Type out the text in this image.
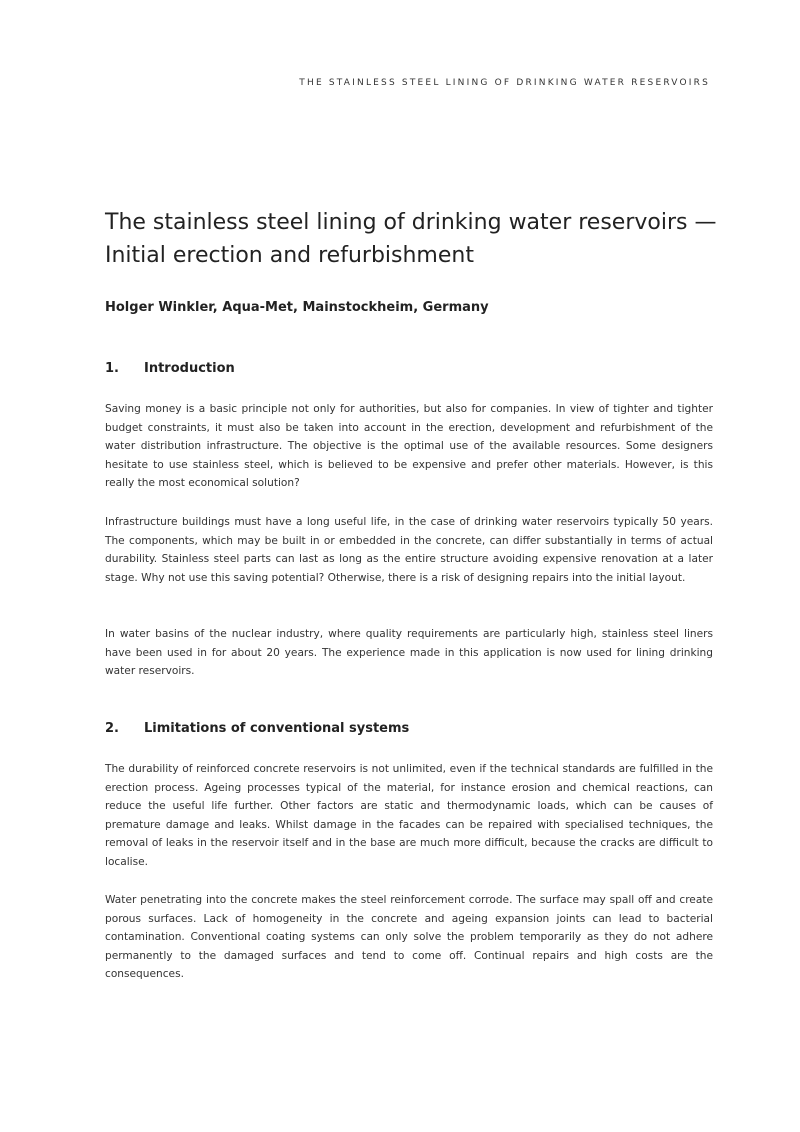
THE STAINLESS STEEL LINING OF DRINKING WATER RESERVOIRS
The stainless steel lining of drinking water reservoirs — Initial erection and refurbishment

Holger Winkler, Aqua-Met, Mainstockheim, Germany

1. Introduction

Saving money is a basic principle not only for authorities, but also for companies. In view of tighter and tighter budget constraints, it must also be taken into account in the erection, development and refurbishment of the water distribution infrastructure. The objective is the optimal use of the available resources. Some designers hesitate to use stainless steel, which is believed to be expensive and prefer other materials. However, is this really the most economical solution?

Infrastructure buildings must have a long useful life, in the case of drinking water reservoirs typically 50 years. The components, which may be built in or embedded in the concrete, can differ substantially in terms of actual durability. Stainless steel parts can last as long as the entire structure avoiding expensive renovation at a later stage. Why not use this saving potential? Otherwise, there is a risk of designing repairs into the initial layout.

In water basins of the nuclear industry, where quality requirements are particularly high, stainless steel liners have been used in for about 20 years. The experience made in this application is now used for lining drinking water reservoirs.

2. Limitations of conventional systems

The durability of reinforced concrete reservoirs is not unlimited, even if the technical standards are fulfilled in the erection process. Ageing processes typical of the material, for instance erosion and chemical reactions, can reduce the useful life further. Other factors are static and thermodynamic loads, which can be causes of premature damage and leaks. Whilst damage in the facades can be repaired with specialised techniques, the removal of leaks in the reservoir itself and in the base are much more difficult, because the cracks are difficult to localise.

Water penetrating into the concrete makes the steel reinforcement corrode. The surface may spall off and create porous surfaces. Lack of homogeneity in the concrete and ageing expansion joints can lead to bacterial contamination. Conventional coating systems can only solve the problem temporarily as they do not adhere permanently to the damaged surfaces and tend to come off. Continual repairs and high costs are the consequences.
